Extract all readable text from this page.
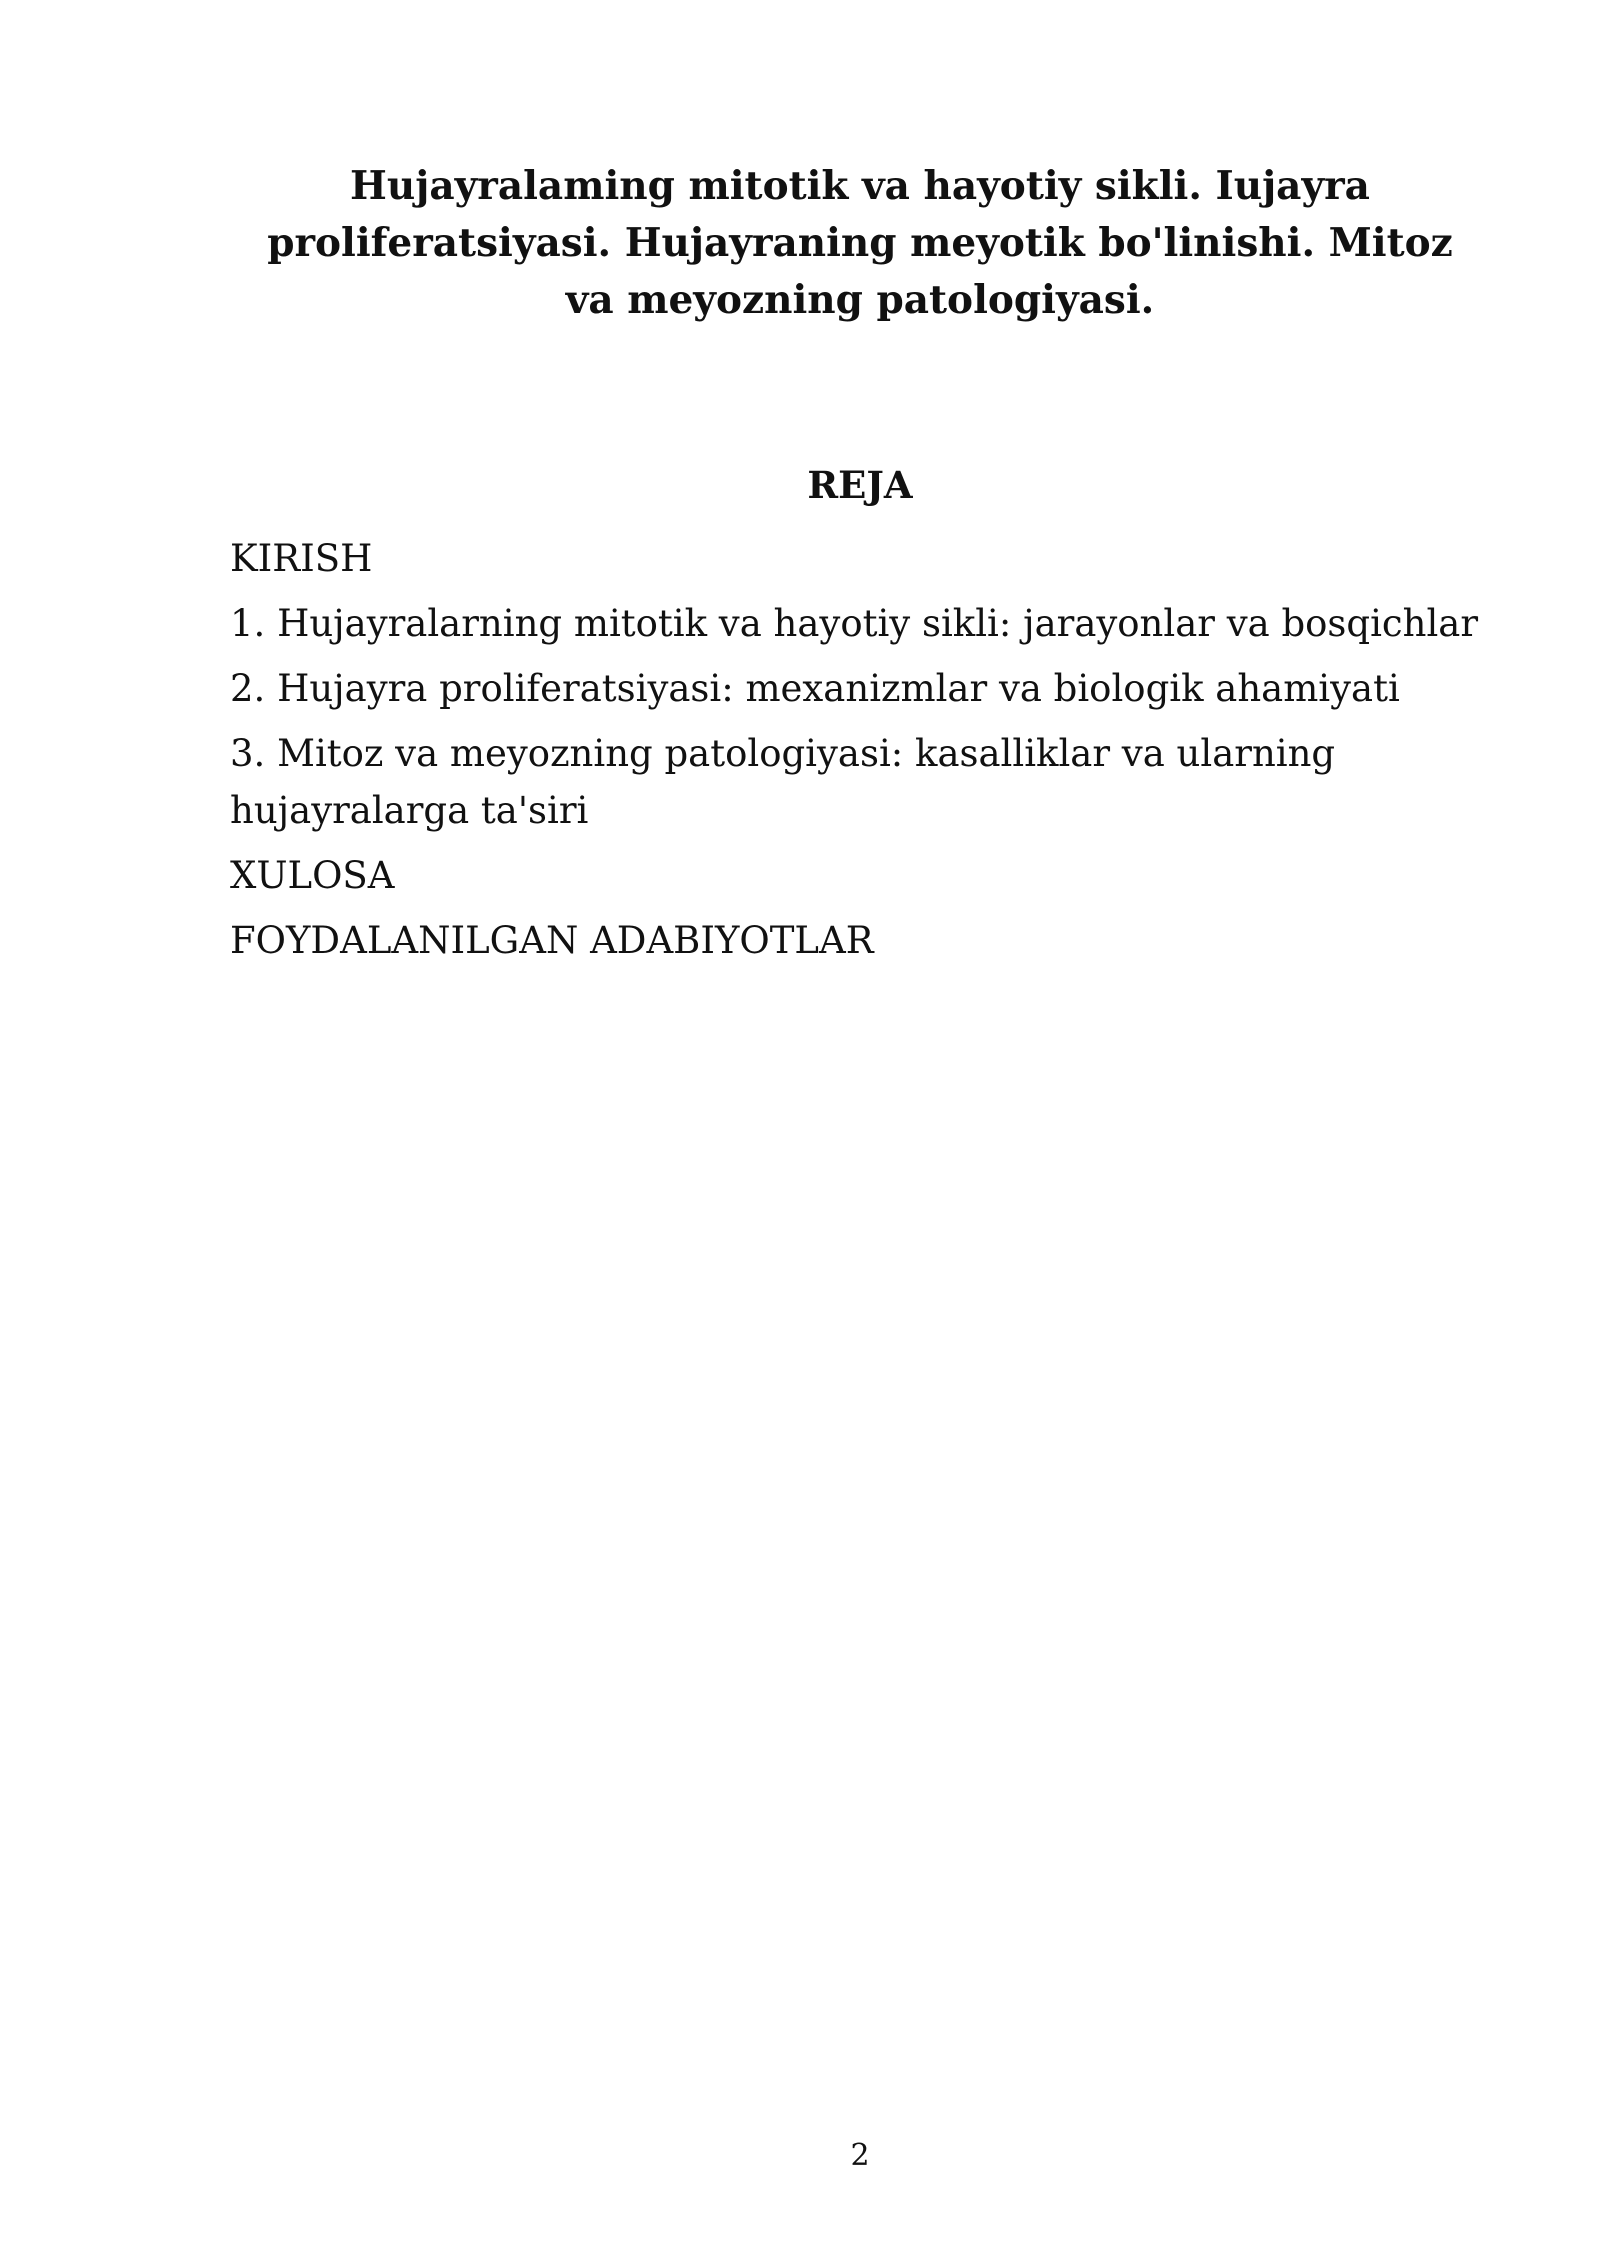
Hujayralaming mitotik va hayotiy sikli. Iujayra proliferatsiyasi. Hujayraning meyotik bo'linishi. Mitoz va meyozning patologiyasi.
REJA
KIRISH
1. Hujayralarning mitotik va hayotiy sikli: jarayonlar va bosqichlar
2. Hujayra proliferatsiyasi: mexanizmlar va biologik ahamiyati
3. Mitoz va meyozning patologiyasi: kasalliklar va ularning hujayralarga ta'siri
XULOSA
FOYDALANILGAN ADABIYOTLAR
2
